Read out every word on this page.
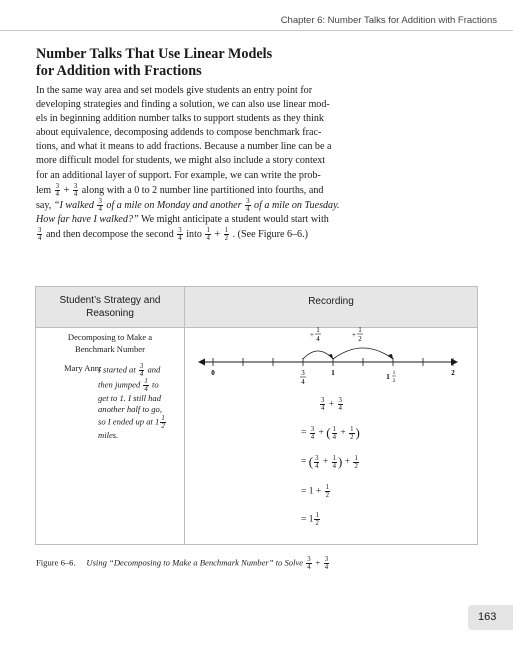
Chapter 6: Number Talks for Addition with Fractions
Number Talks That Use Linear Models
for Addition with Fractions
In the same way area and set models give students an entry point for
developing strategies and finding a solution, we can also use linear mod-
els in beginning addition number talks to support students as they think
about equivalence, decomposing addends to compose benchmark frac-
tions, and what it means to add fractions. Because a number line can be a
more difficult model for students, we might also include a story context
for an additional layer of support. For example, we can write the prob-
lem $\frac{3}{4} + \frac{3}{4}$ along with a 0 to 2 number line partitioned into fourths, and
say, “I walked $\frac{3}{4}$ of a mile on Monday and another $\frac{3}{4}$ of a mile on Tuesday.
How far have I walked?” We might anticipate a student would start with
$\frac{3}{4}$ and then decompose the second $\frac{3}{4}$ into $\frac{1}{4} + \frac{1}{2}$ . (See Figure 6–6.)
Student’s Strategy and
Reasoning
Recording
Decomposing to Make a
Benchmark Number
Mary Ann:
I started at $\frac{3}{4}$ and
then jumped $\frac{1}{4}$ to
get to 1. I still had
another half to go,
so I ended up at $1 \frac{1}{2}$
miles.
+
1
4	+
1
2
0	3
4
1	1 1
2
2
$\frac{3}{4} + \frac{3}{4}$
= $\frac{3}{4}$ + ( $\frac{1}{4} + \frac{1}{2}$ )
= ( $\frac{3}{4} + \frac{1}{4}$ ) + $\frac{1}{2}$
= $1 + \frac{1}{2}$
= $1 \frac{1}{2}$
Figure 6–6. Using “Decomposing to Make a Benchmark Number” to Solve $\frac{3}{4} + \frac{3}{4}$
163
